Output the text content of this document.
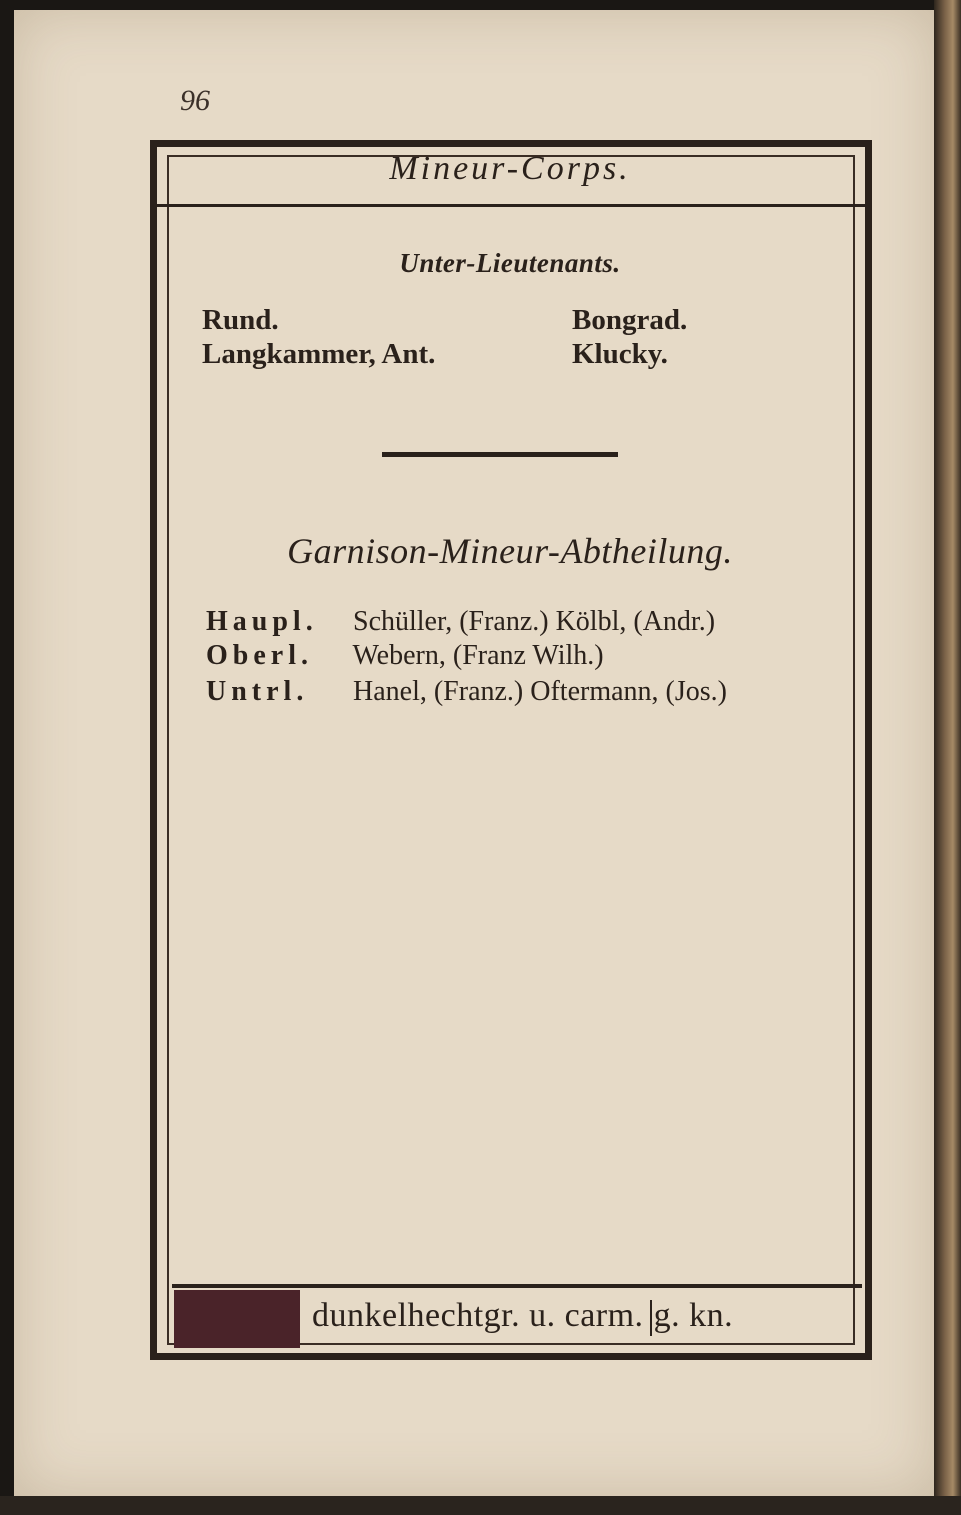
96
Mineur-Corps.
Unter-Lieutenants.
Rund.	Bongrad.
Langkammer, Ant.	Klucky.
Garnison-Mineur-Abtheilung.
Haupl. Schüller, (Franz.) Kölbl, (Andr.)
Oberl. Webern, (Franz Wilh.)
Untrl. Hanel, (Franz.) Oftermann, (Jos.)
dunkelhechtgr. u. carm. g. kn.
